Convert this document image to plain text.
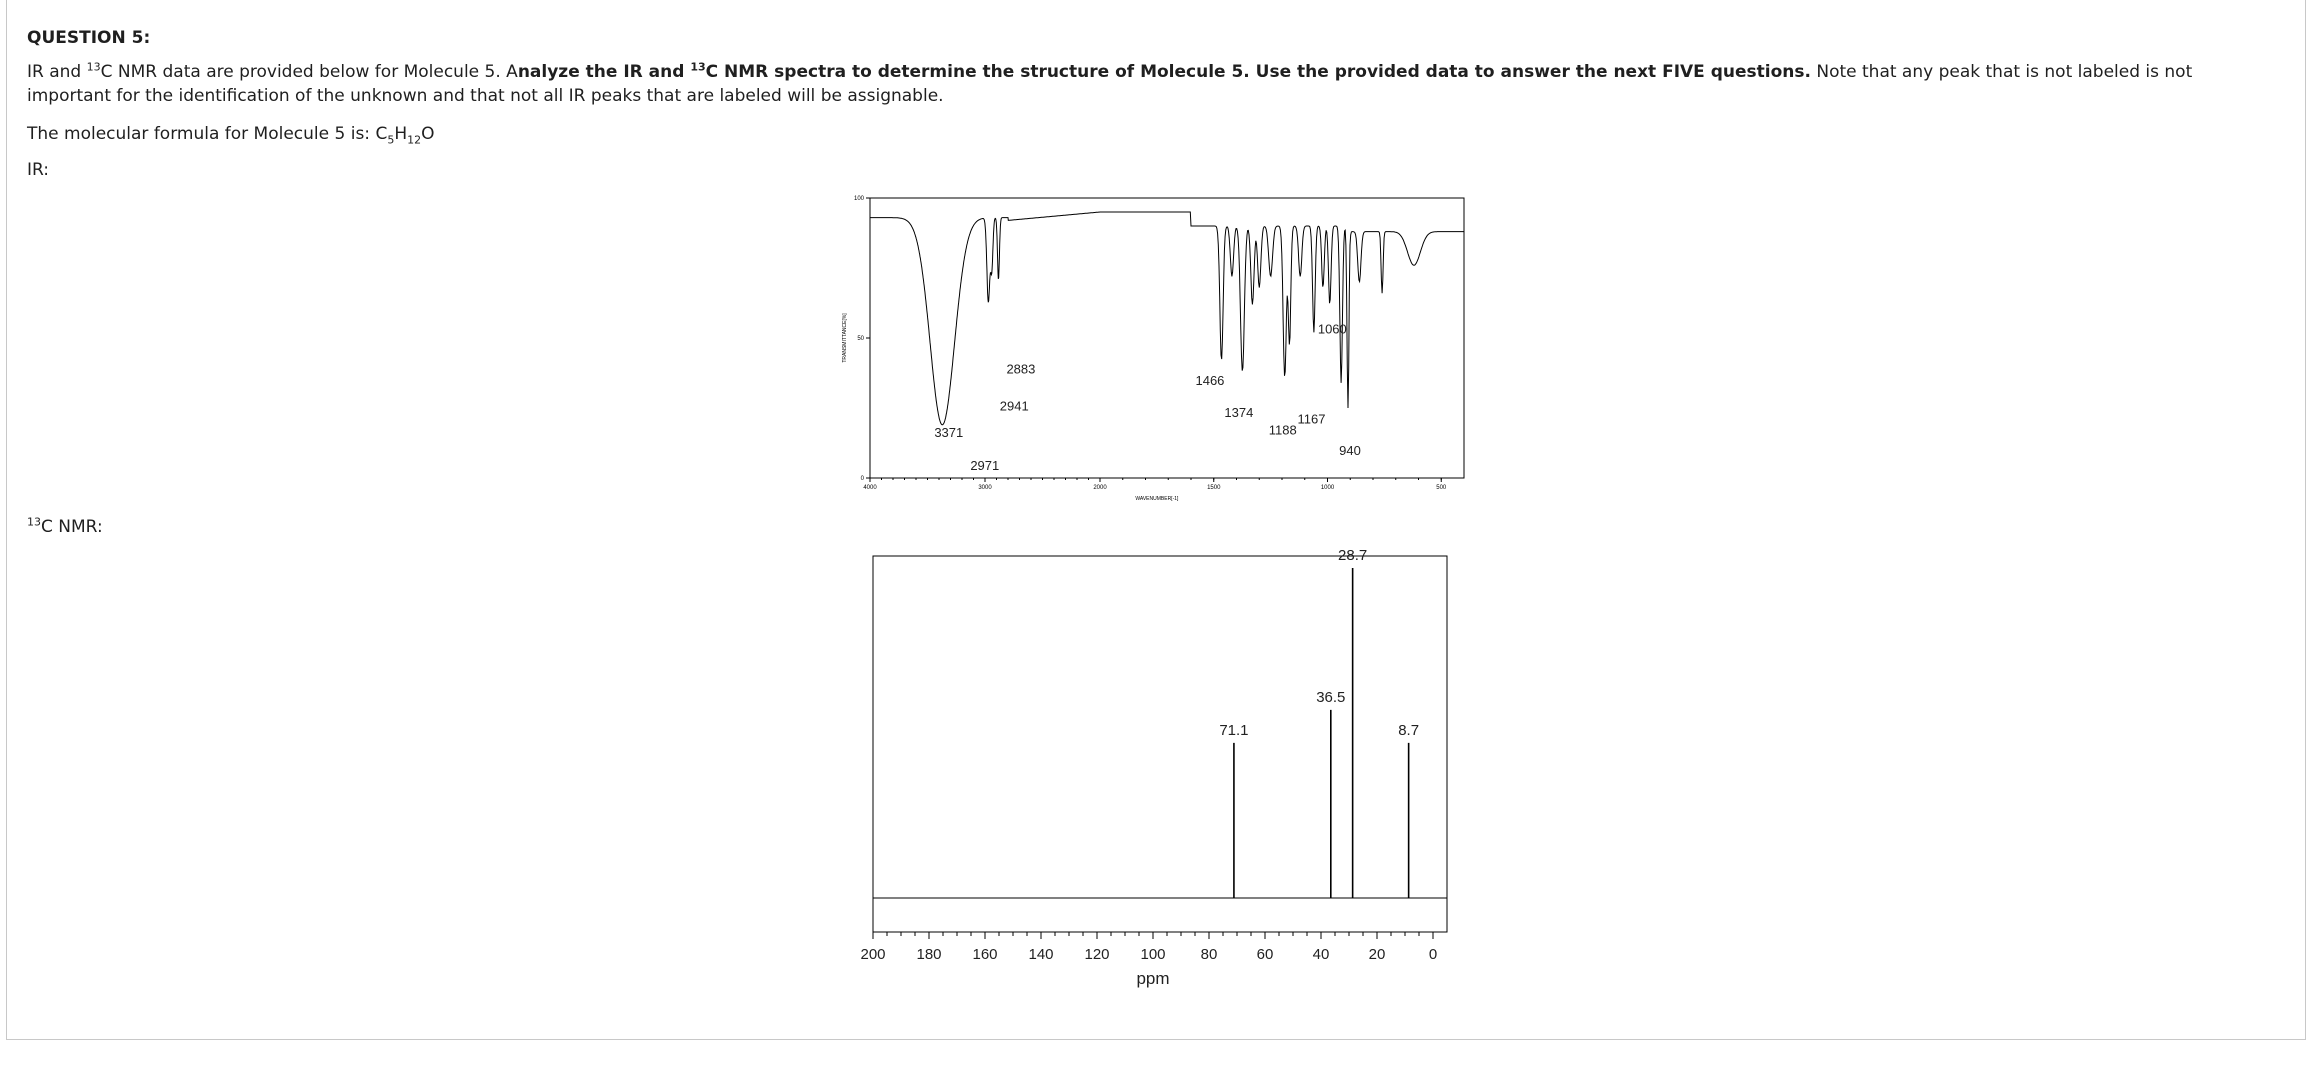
QUESTION 5:
IR and $^{13}$C NMR data are provided below for Molecule 5. Analyze the IR and $^{13}$C NMR spectra to determine the structure of Molecule 5. Use the provided data to answer the next FIVE questions. Note that any peak that is not labeled is not important for the identification of the unknown and that not all IR peaks that are labeled will be assignable.
The molecular formula for Molecule 5 is: $C_5H_{12}O$
IR:
$^{13}$C NMR:
0
50
100
4000	3000	2000	1500	1000	500
WAVENUMBER[-1]
TRANSMITTANCE[%]
3371
2971
2941
2883
1466
1374
1188
1167
1060
940
200 180 160 140 120 100 80	60	40	20	0
ppm
71.1
36.5
28.7
8.7
